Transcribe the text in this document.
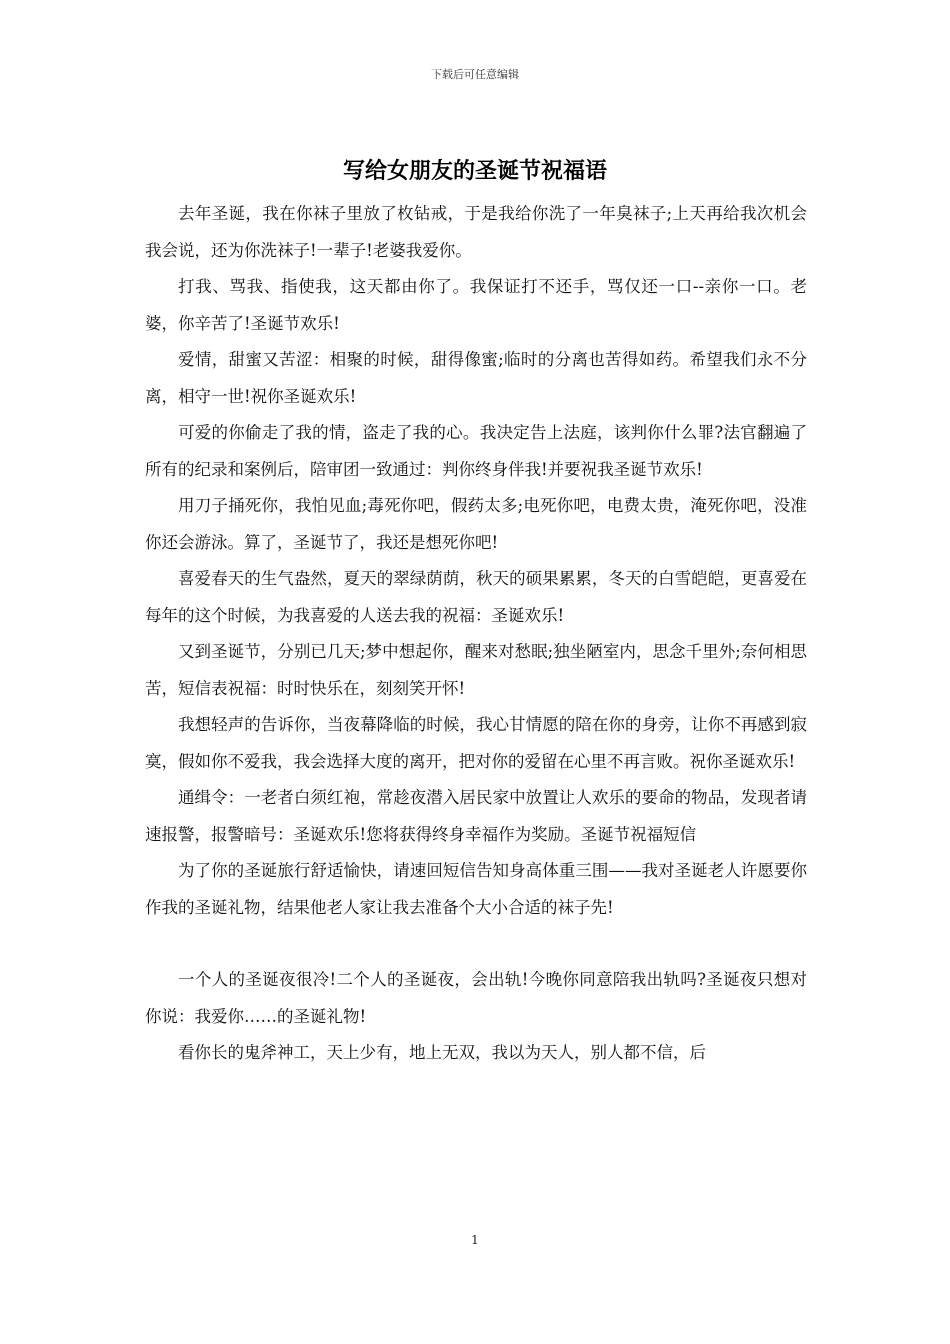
下载后可任意编辑
写给女朋友的圣诞节祝福语

去年圣诞，我在你袜子里放了枚钻戒，于是我给你洗了一年臭袜子;上天再给我次机会我会说，还为你洗袜子!一辈子!老婆我爱你。

打我、骂我、指使我，这天都由你了。我保证打不还手，骂仅还一口--亲你一口。老婆，你辛苦了!圣诞节欢乐!

爱情，甜蜜又苦涩：相聚的时候，甜得像蜜;临时的分离也苦得如药。希望我们永不分离，相守一世!祝你圣诞欢乐!

可爱的你偷走了我的情，盗走了我的心。我决定告上法庭，该判你什么罪?法官翻遍了所有的纪录和案例后，陪审团一致通过：判你终身伴我!并要祝我圣诞节欢乐!

用刀子捅死你，我怕见血;毒死你吧，假药太多;电死你吧，电费太贵，淹死你吧，没准你还会游泳。算了，圣诞节了，我还是想死你吧!

喜爱春天的生气盎然，夏天的翠绿荫荫，秋天的硕果累累，冬天的白雪皑皑，更喜爱在每年的这个时候，为我喜爱的人送去我的祝福：圣诞欢乐!

又到圣诞节，分别已几天;梦中想起你，醒来对愁眠;独坐陋室内，思念千里外;奈何相思苦，短信表祝福：时时快乐在，刻刻笑开怀!

我想轻声的告诉你，当夜幕降临的时候，我心甘情愿的陪在你的身旁，让你不再感到寂寞，假如你不爱我，我会选择大度的离开，把对你的爱留在心里不再言败。祝你圣诞欢乐!

通缉令：一老者白须红袍，常趁夜潜入居民家中放置让人欢乐的要命的物品，发现者请速报警，报警暗号：圣诞欢乐!您将获得终身幸福作为奖励。圣诞节祝福短信

为了你的圣诞旅行舒适愉快，请速回短信告知身高体重三围——我对圣诞老人许愿要你作我的圣诞礼物，结果他老人家让我去准备个大小合适的袜子先!

一个人的圣诞夜很冷!二个人的圣诞夜，会出轨!今晚你同意陪我出轨吗?圣诞夜只想对你说：我爱你……的圣诞礼物!

看你长的鬼斧神工，天上少有，地上无双，我以为天人，别人都不信，后

1
